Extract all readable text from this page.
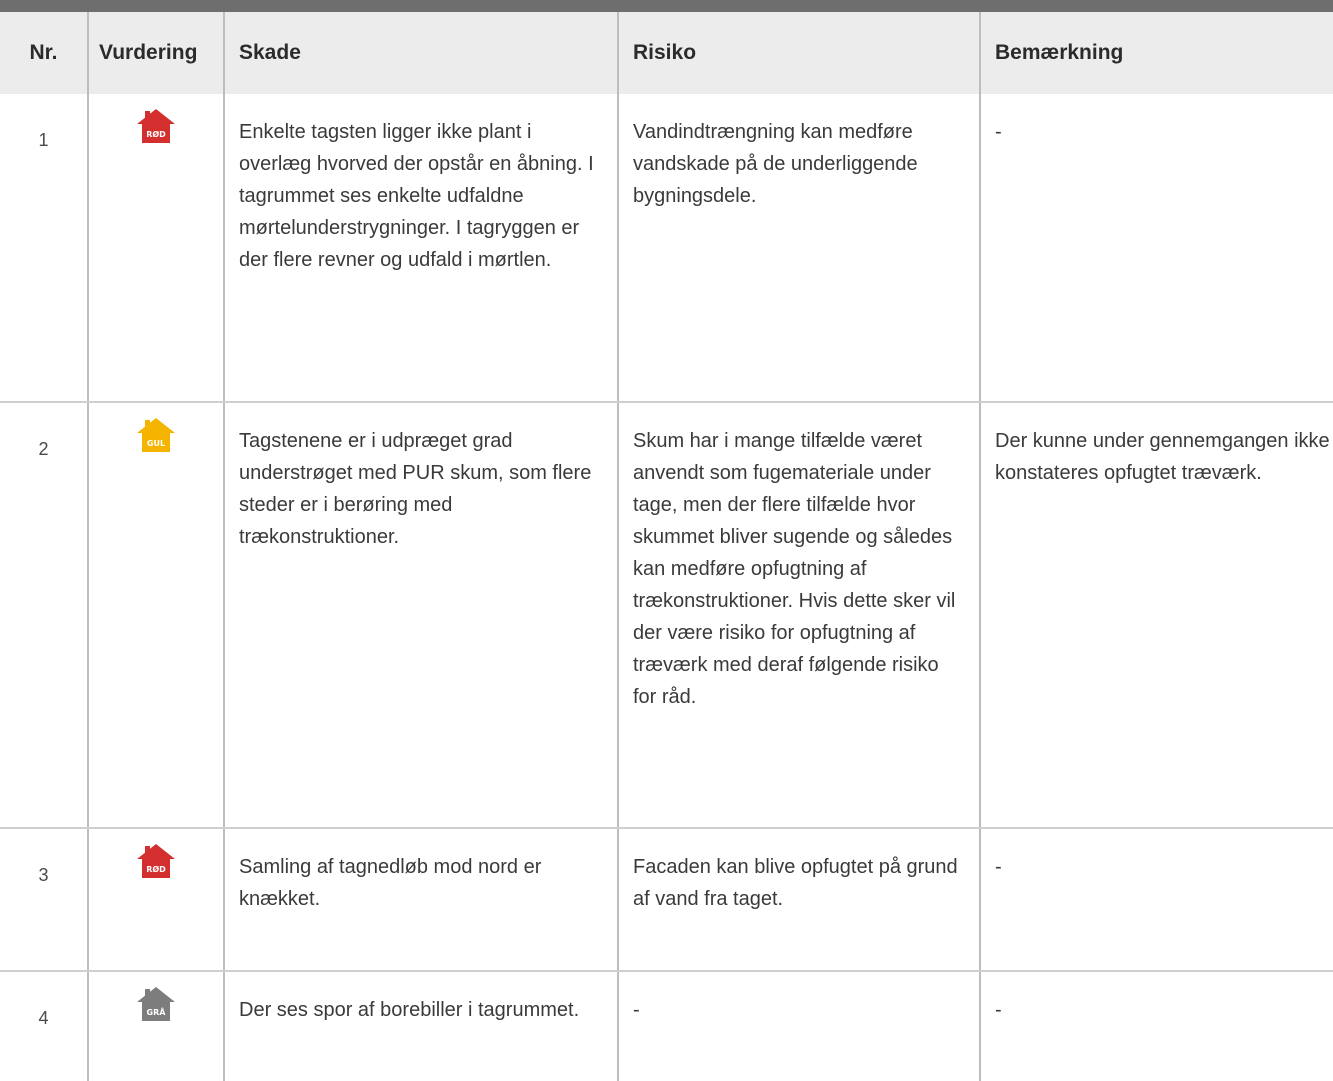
Nr.	Vurdering	Skade	Risiko	Bemærkning
1	RØD	Enkelte tagsten ligger ikke plant i overlæg hvorved der opstår en åbning. I tagrummet ses enkelte udfaldne mørtelunderstrygninger. I tagryggen er der flere revner og udfald i mørtlen.	Vandindtrængning kan medføre vandskade på de underliggende bygningsdele.	-
2	GUL	Tagstenene er i udpræget grad understrøget med PUR skum, som flere steder er i berøring med trækonstruktioner.	Skum har i mange tilfælde været anvendt som fugemateriale under tage, men der flere tilfælde hvor skummet bliver sugende og således kan medføre opfugtning af trækonstruktioner. Hvis dette sker vil der være risiko for opfugtning af træværk med deraf følgende risiko for råd.	Der kunne under gennemgangen ikke konstateres opfugtet træværk.
3	RØD	Samling af tagnedløb mod nord er knækket.	Facaden kan blive opfugtet på grund af vand fra taget.	-
4	GRÅ	Der ses spor af borebiller i tagrummet.	-	-
